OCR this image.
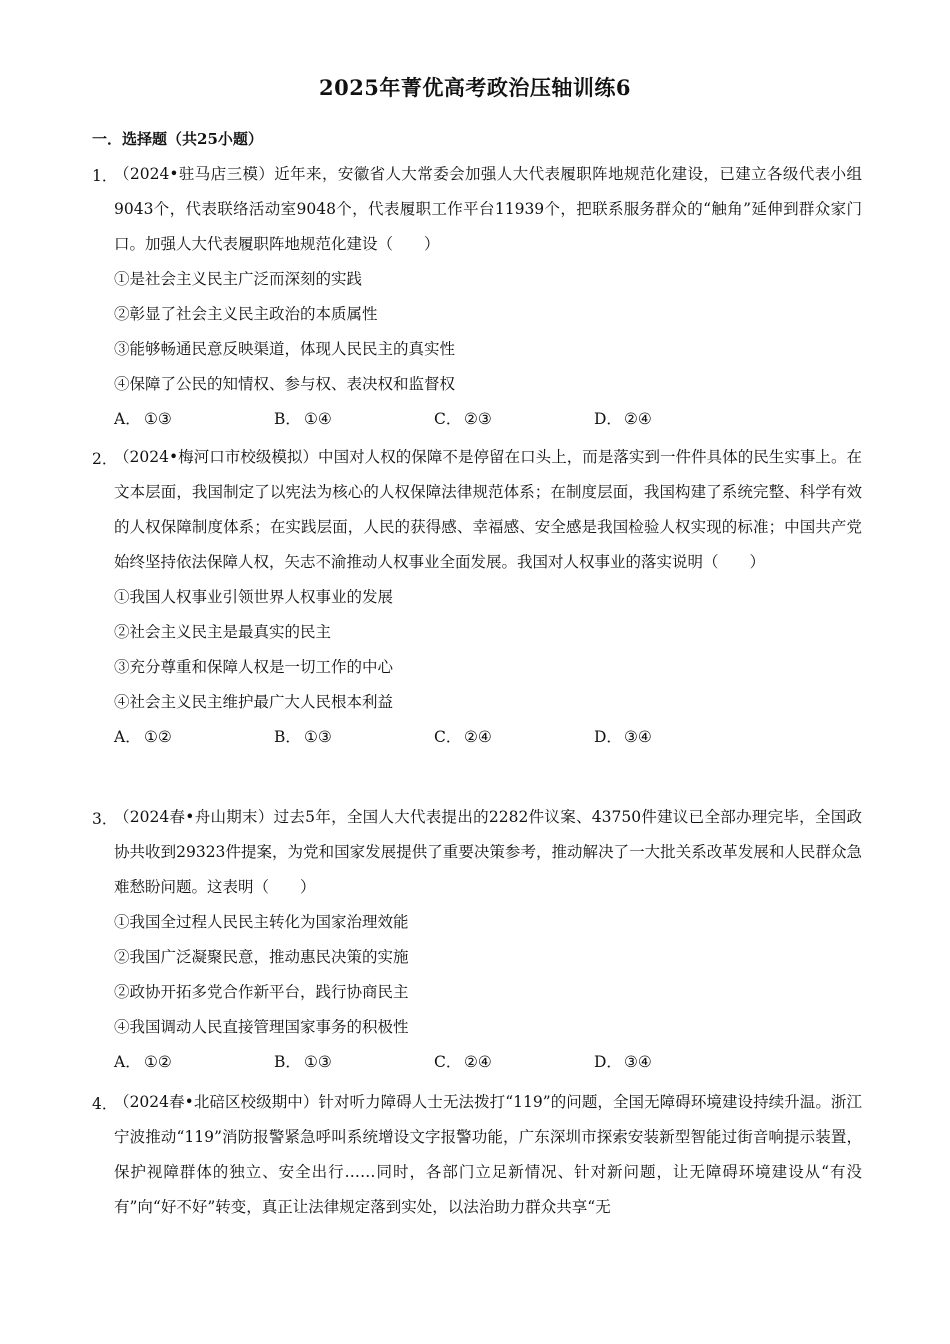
2025年菁优高考政治压轴训练6
一．选择题（共25小题）
1．
（2024•驻马店三模）近年来，安徽省人大常委会加强人大代表履职阵地规范化建设，已建立各级代表小组9043个，代表联络活动室9048个，代表履职工作平台11939个，把联系服务群众的“触角”延伸到群众家门口。加强人大代表履职阵地规范化建设（　　）
①是社会主义民主广泛而深刻的实践
②彰显了社会主义民主政治的本质属性
③能够畅通民意反映渠道，体现人民民主的真实性
④保障了公民的知情权、参与权、表决权和监督权
A． ①③	B． ①④	C． ②③	D． ②④
2．
（2024•梅河口市校级模拟）中国对人权的保障不是停留在口头上，而是落实到一件件具体的民生实事上。在文本层面，我国制定了以宪法为核心的人权保障法律规范体系；在制度层面，我国构建了系统完整、科学有效的人权保障制度体系；在实践层面，人民的获得感、幸福感、安全感是我国检验人权实现的标准；中国共产党始终坚持依法保障人权，矢志不渝推动人权事业全面发展。我国对人权事业的落实说明（　　）
①我国人权事业引领世界人权事业的发展
②社会主义民主是最真实的民主
③充分尊重和保障人权是一切工作的中心
④社会主义民主维护最广大人民根本利益
A． ①②	B． ①③	C． ②④	D． ③④
3．
（2024春•舟山期末）过去5年，全国人大代表提出的2282件议案、43750件建议已全部办理完毕，全国政协共收到29323件提案，为党和国家发展提供了重要决策参考，推动解决了一大批关系改革发展和人民群众急难愁盼问题。这表明（　　）
①我国全过程人民民主转化为国家治理效能
②我国广泛凝聚民意，推动惠民决策的实施
②政协开拓多党合作新平台，践行协商民主
④我国调动人民直接管理国家事务的积极性
A． ①②	B． ①③	C． ②④	D． ③④
4．
（2024春•北碚区校级期中）针对听力障碍人士无法拨打“119”的问题，全国无障碍环境建设持续升温。浙江宁波推动“119”消防报警紧急呼叫系统增设文字报警功能，广东深圳市探索安装新型智能过街音响提示装置，保护视障群体的独立、安全出行……同时，各部门立足新情况、针对新问题，让无障碍环境建设从“有没有”向“好不好”转变，真正让法律规定落到实处，以法治助力群众共享“无
